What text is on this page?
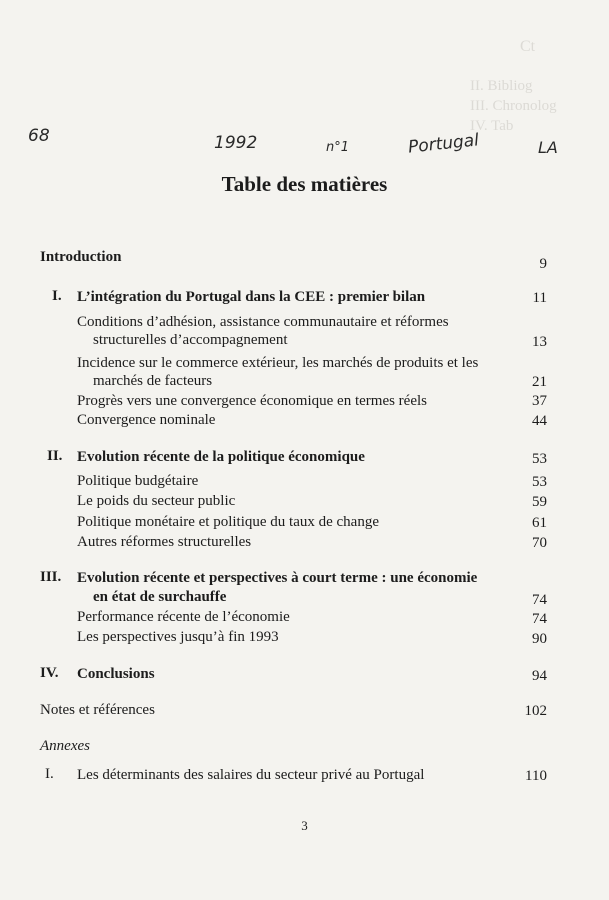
Ct
II. Bibliog
III. Chronolog
IV. Tab
68	1992	n°1	Portugal	LA
Table des matières
Introduction	9
I. L’intégration du Portugal dans la CEE : premier bilan	11
Conditions d’adhésion, assistance communautaire et réformes
structurelles d’accompagnement	13
Incidence sur le commerce extérieur, les marchés de produits et les
marchés de facteurs	21
Progrès vers une convergence économique en termes réels	37
Convergence nominale	44
II. Evolution récente de la politique économique	53
Politique budgétaire	53
Le poids du secteur public	59
Politique monétaire et politique du taux de change	61
Autres réformes structurelles	70
III. Evolution récente et perspectives à court terme : une économie
en état de surchauffe	74
Performance récente de l’économie	74
Les perspectives jusqu’à fin 1993	90
IV. Conclusions	94
Notes et références	102
Annexes
I. Les déterminants des salaires du secteur privé au Portugal	110
3
